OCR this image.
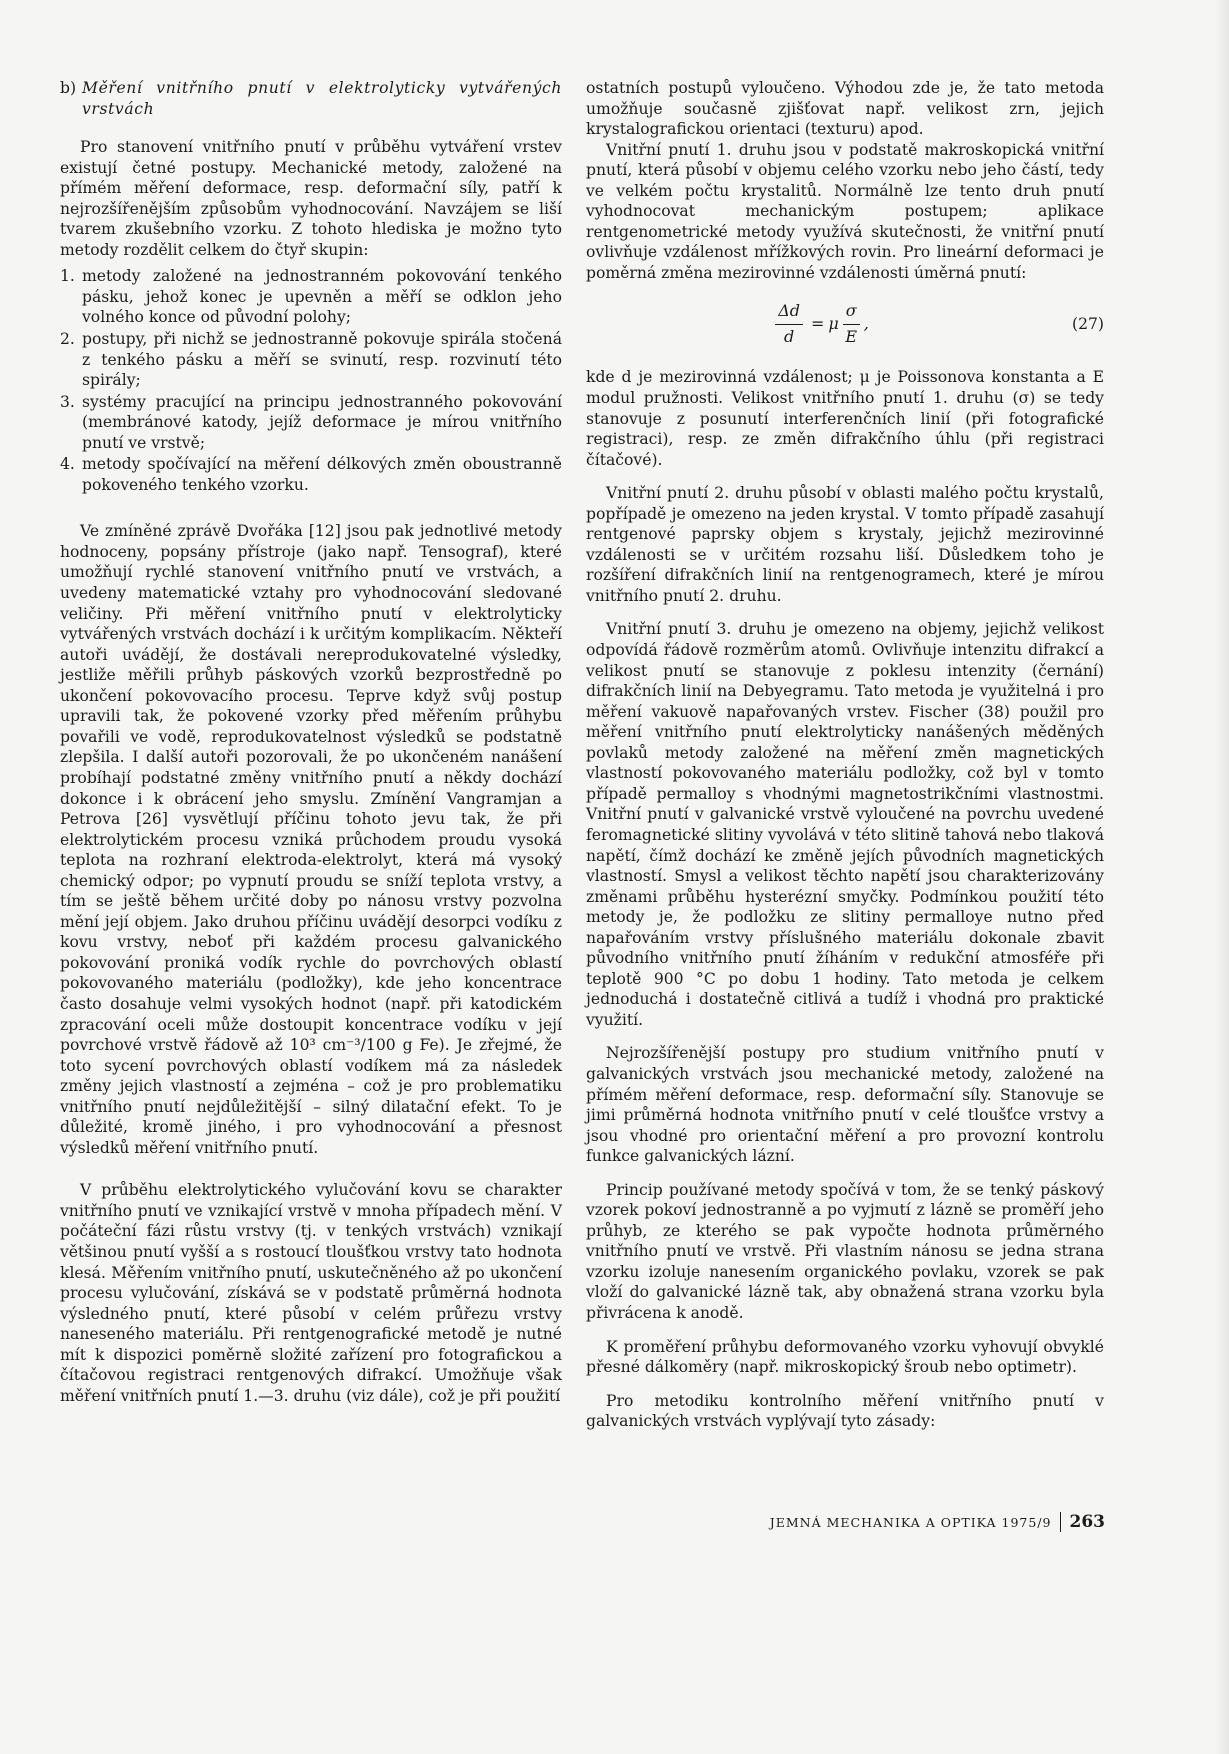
b) Měření vnitřního pnutí v elektrolyticky vytvářených vrstvách

Pro stanovení vnitřního pnutí v průběhu vytváření vrstev existují četné postupy. Mechanické metody, založené na přímém měření deformace, resp. deformační síly, patří k nejrozšířenějším způsobům vyhodnocování. Navzájem se liší tvarem zkušebního vzorku. Z tohoto hlediska je možno tyto metody rozdělit celkem do čtyř skupin:

1. metody založené na jednostranném pokovování tenkého pásku, jehož konec je upevněn a měří se odklon jeho volného konce od původní polohy;
2. postupy, při nichž se jednostranně pokovuje spirála stočená z tenkého pásku a měří se svinutí, resp. rozvinutí této spirály;
3. systémy pracující na principu jednostranného pokovování (membránové katody, jejíž deformace je mírou vnitřního pnutí ve vrstvě;
4. metody spočívající na měření délkových změn oboustranně pokoveného tenkého vzorku.

Ve zmíněné zprávě Dvořáka [12] jsou pak jednotlivé metody hodnoceny, popsány přístroje (jako např. Tensograf), které umožňují rychlé stanovení vnitřního pnutí ve vrstvách, a uvedeny matematické vztahy pro vyhodnocování sledované veličiny. Při měření vnitřního pnutí v elektrolyticky vytvářených vrstvách dochází i k určitým komplikacím. Někteří autoři uvádějí, že dostávali nereprodukovatelné výsledky, jestliže měřili průhyb páskových vzorků bezprostředně po ukončení pokovovacího procesu. Teprve když svůj postup upravili tak, že pokovené vzorky před měřením průhybu povařili ve vodě, reprodukovatelnost výsledků se podstatně zlepšila. I další autoři pozorovali, že po ukončeném nanášení probíhají podstatné změny vnitřního pnutí a někdy dochází dokonce i k obrácení jeho smyslu. Zmínění Vangramjan a Petrova [26] vysvětlují příčinu tohoto jevu tak, že při elektrolytickém procesu vzniká průchodem proudu vysoká teplota na rozhraní elektroda-elektrolyt, která má vysoký chemický odpor; po vypnutí proudu se sníží teplota vrstvy, a tím se ještě během určité doby po nánosu vrstvy pozvolna mění její objem. Jako druhou příčinu uvádějí desorpci vodíku z kovu vrstvy, neboť při každém procesu galvanického pokovování proniká vodík rychle do povrchových oblastí pokovovaného materiálu (podložky), kde jeho koncentrace často dosahuje velmi vysokých hodnot (např. při katodickém zpracování oceli může dostoupit koncentrace vodíku v její povrchové vrstvě řádově až 10³ cm⁻³/100 g Fe). Je zřejmé, že toto sycení povrchových oblastí vodíkem má za následek změny jejich vlastností a zejména – což je pro problematiku vnitřního pnutí nejdůležitější – silný dilatační efekt. To je důležité, kromě jiného, i pro vyhodnocování a přesnost výsledků měření vnitřního pnutí.

V průběhu elektrolytického vylučování kovu se charakter vnitřního pnutí ve vznikající vrstvě v mnoha případech mění. V počáteční fázi růstu vrstvy (tj. v tenkých vrstvách) vznikají většinou pnutí vyšší a s rostoucí tloušťkou vrstvy tato hodnota klesá. Měřením vnitřního pnutí, uskutečněného až po ukončení procesu vylučování, získává se v podstatě průměrná hodnota výsledného pnutí, které působí v celém průřezu vrstvy naneseného materiálu. Při rentgenografické metodě je nutné mít k dispozici poměrně složité zařízení pro fotografickou a čítačovou registraci rentgenových difrakcí. Umožňuje však měření vnitřních pnutí 1.—3. druhu (viz dále), což je při použití

ostatních postupů vyloučeno. Výhodou zde je, že tato metoda umožňuje současně zjišťovat např. velikost zrn, jejich krystalografickou orientaci (texturu) apod.

Vnitřní pnutí 1. druhu jsou v podstatě makroskopická vnitřní pnutí, která působí v objemu celého vzorku nebo jeho částí, tedy ve velkém počtu krystalitů. Normálně lze tento druh pnutí vyhodnocovat mechanickým postupem; aplikace rentgenometrické metody využívá skutečnosti, že vnitřní pnutí ovlivňuje vzdálenost mřížkových rovin. Pro lineární deformaci je poměrná změna mezirovinné vzdálenosti úměrná pnutí:

$\frac{\Delta d}{d} = \mu \frac{\sigma}{E}$ ,	(27)

kde d je mezirovinná vzdálenost; μ je Poissonova konstanta a E modul pružnosti. Velikost vnitřního pnutí 1. druhu (σ) se tedy stanovuje z posunutí interferenčních linií (při fotografické registraci), resp. ze změn difrakčního úhlu (při registraci čítačové).

Vnitřní pnutí 2. druhu působí v oblasti malého počtu krystalů, popřípadě je omezeno na jeden krystal. V tomto případě zasahují rentgenové paprsky objem s krystaly, jejichž mezirovinné vzdálenosti se v určitém rozsahu liší. Důsledkem toho je rozšíření difrakčních linií na rentgenogramech, které je mírou vnitřního pnutí 2. druhu.

Vnitřní pnutí 3. druhu je omezeno na objemy, jejichž velikost odpovídá řádově rozměrům atomů. Ovlivňuje intenzitu difrakcí a velikost pnutí se stanovuje z poklesu intenzity (černání) difrakčních linií na Debyegramu. Tato metoda je využitelná i pro měření vakuově napařovaných vrstev. Fischer (38) použil pro měření vnitřního pnutí elektrolyticky nanášených měděných povlaků metody založené na měření změn magnetických vlastností pokovovaného materiálu podložky, což byl v tomto případě permalloy s vhodnými magnetostrikčními vlastnostmi. Vnitřní pnutí v galvanické vrstvě vyloučené na povrchu uvedené feromagnetické slitiny vyvolává v této slitině tahová nebo tlaková napětí, čímž dochází ke změně jejích původních magnetických vlastností. Smysl a velikost těchto napětí jsou charakterizovány změnami průběhu hysterézní smyčky. Podmínkou použití této metody je, že podložku ze slitiny permalloye nutno před napařováním vrstvy příslušného materiálu dokonale zbavit původního vnitřního pnutí žíháním v redukční atmosféře při teplotě 900 °C po dobu 1 hodiny. Tato metoda je celkem jednoduchá i dostatečně citlivá a tudíž i vhodná pro praktické využití.

Nejrozšířenější postupy pro studium vnitřního pnutí v galvanických vrstvách jsou mechanické metody, založené na přímém měření deformace, resp. deformační síly. Stanovuje se jimi průměrná hodnota vnitřního pnutí v celé tloušťce vrstvy a jsou vhodné pro orientační měření a pro provozní kontrolu funkce galvanických lázní.

Princip používané metody spočívá v tom, že se tenký páskový vzorek pokoví jednostranně a po vyjmutí z lázně se proměří jeho průhyb, ze kterého se pak vypočte hodnota průměrného vnitřního pnutí ve vrstvě. Při vlastním nánosu se jedna strana vzorku izoluje nanesením organického povlaku, vzorek se pak vloží do galvanické lázně tak, aby obnažená strana vzorku byla přivrácena k anodě.

K proměření průhybu deformovaného vzorku vyhovují obvyklé přesné dálkoměry (např. mikroskopický šroub nebo optimetr).

Pro metodiku kontrolního měření vnitřního pnutí v galvanických vrstvách vyplývají tyto zásady:

JEMNÁ MECHANIKA A OPTIKA 1975/9 263
